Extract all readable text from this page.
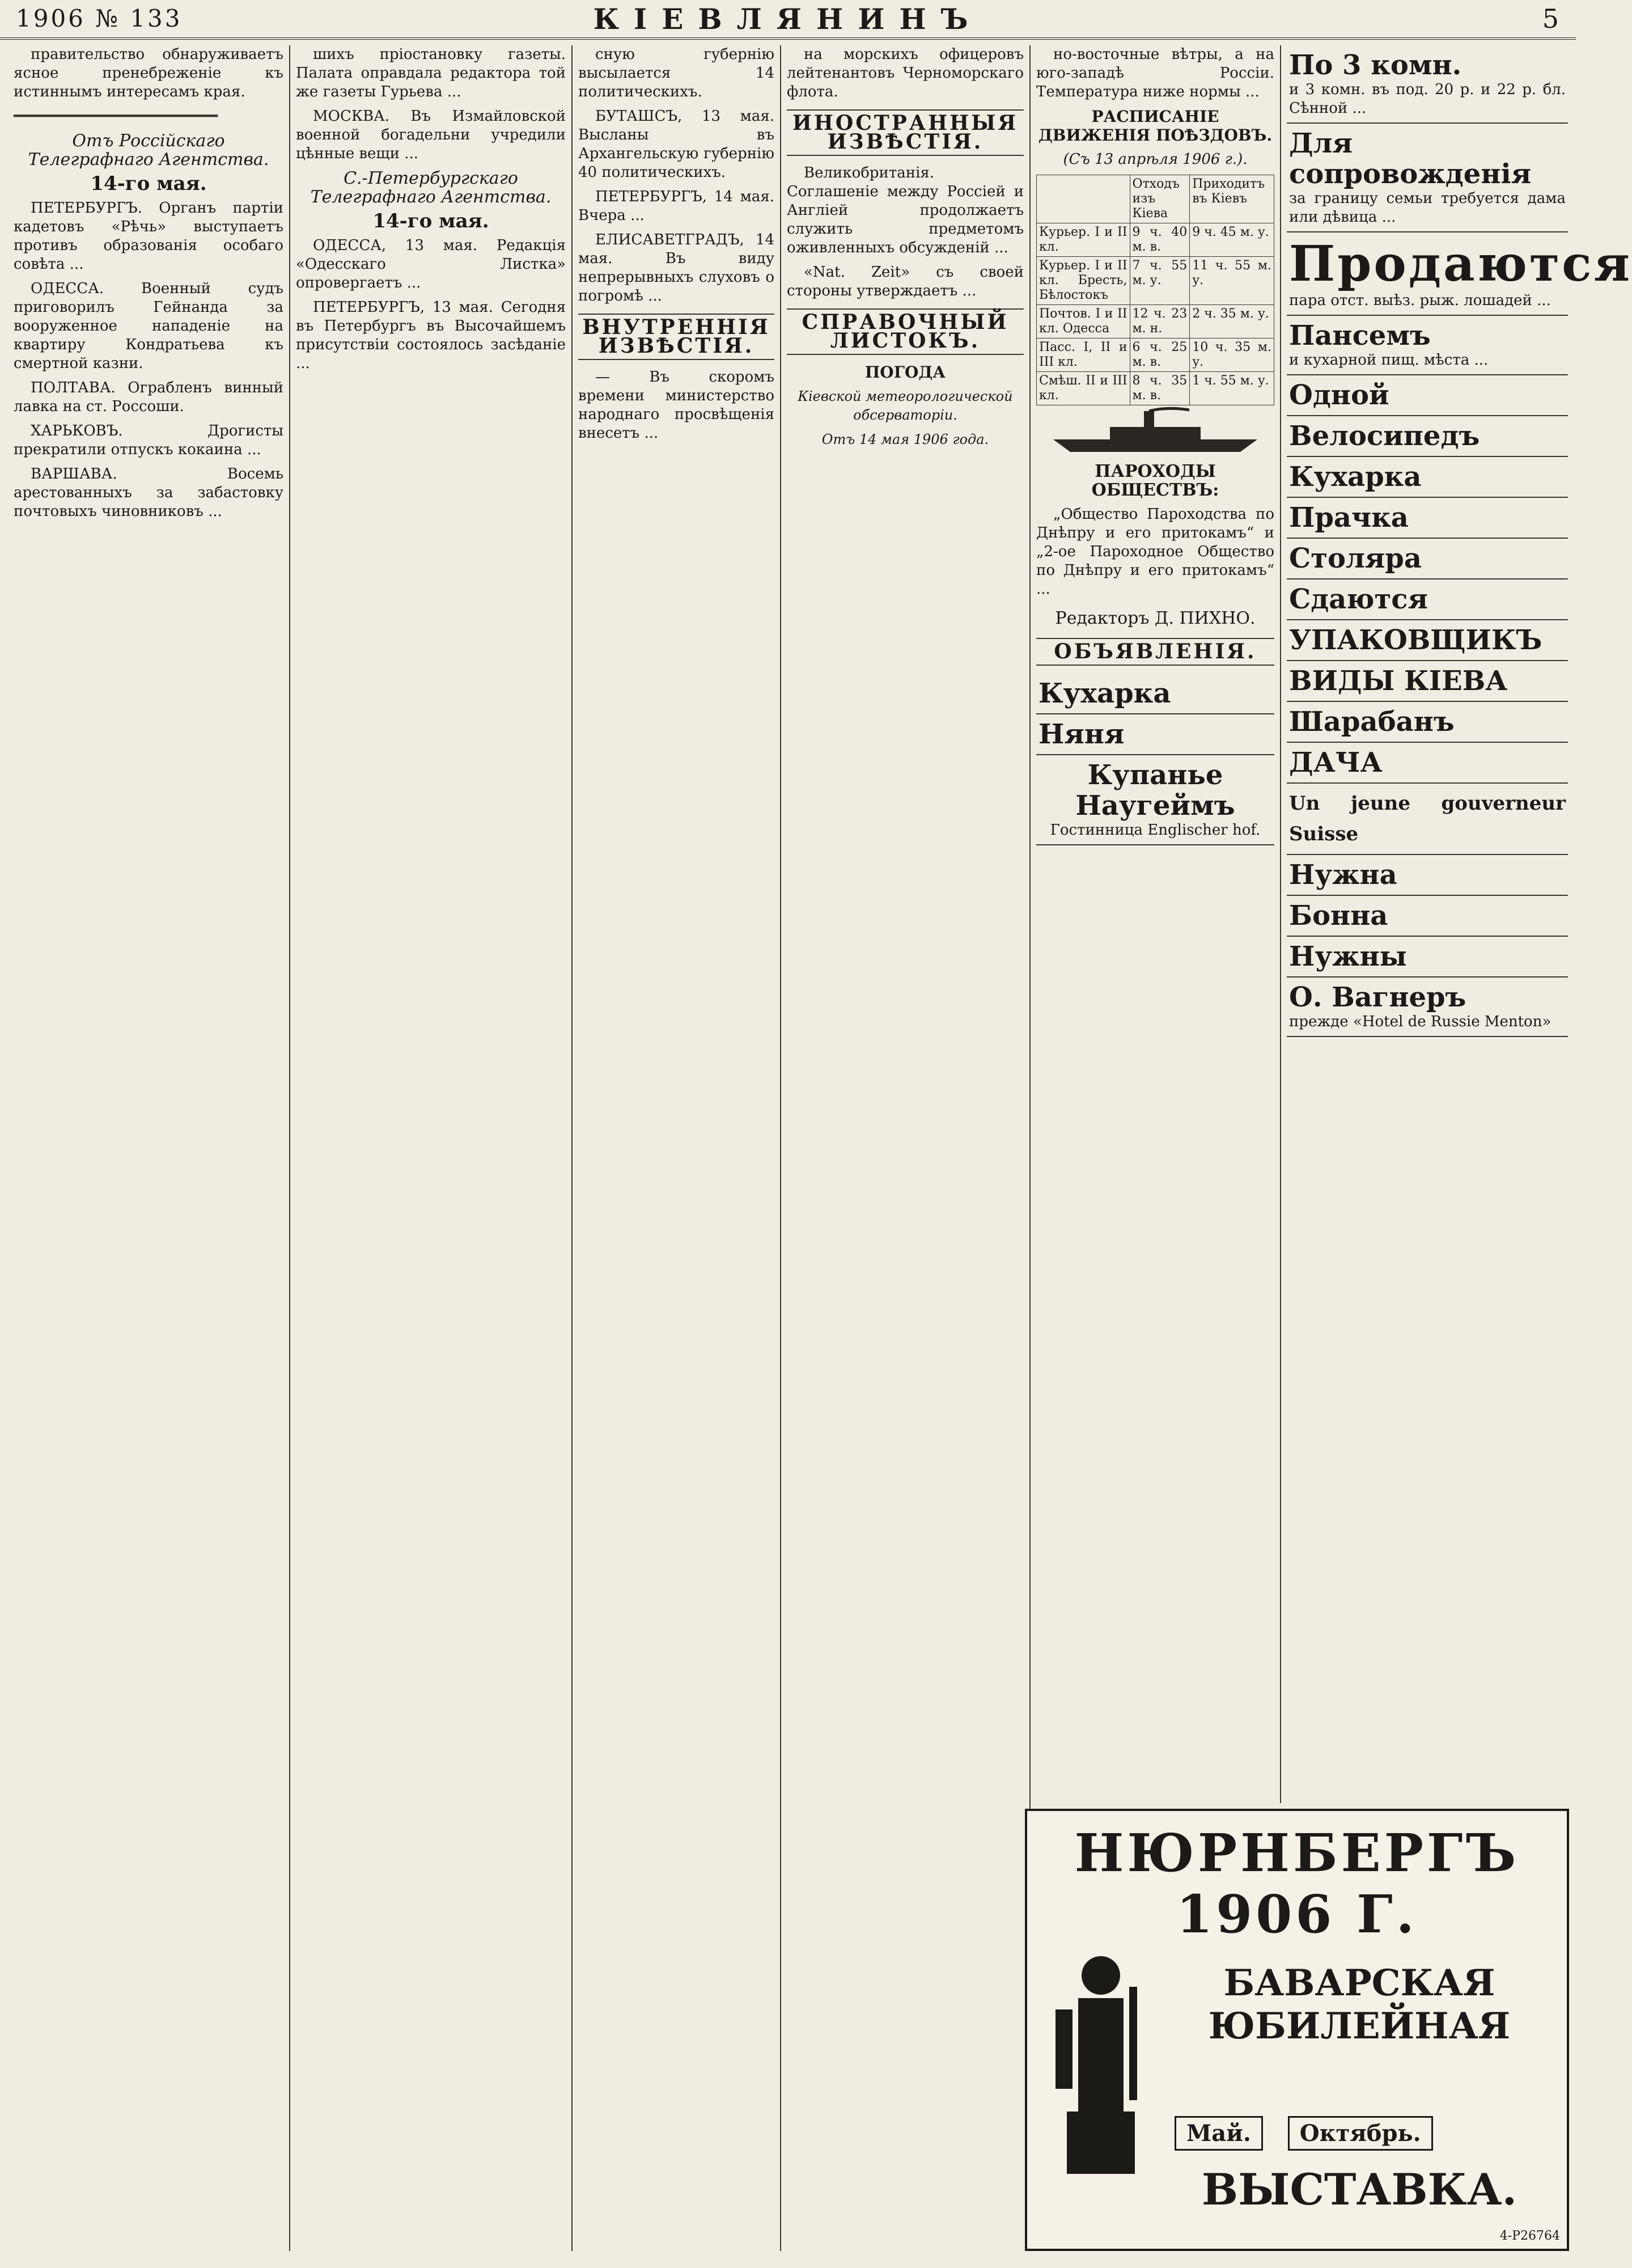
1906 № 133	КІЕВЛЯНИНЪ	5

правительство обнаруживаетъ ясное пренебреженіе къ истиннымъ интересамъ края.

━━━━━━━━━━━━━━━━━━━━━━━
Отъ Россійскаго Телеграфнаго Агентства.
14-го мая.

ПЕТЕРБУРГЪ. Органъ партіи кадетовъ «Рѣчь» выступаетъ противъ образованія особаго совѣта ...

ОДЕССА. Военный судъ приговорилъ Гейнанда за вооруженное нападеніе на квартиру Кондратьева къ смертной казни.

ПОЛТАВА. Ограбленъ винный лавка на ст. Россоши.

ХАРЬКОВЪ. Дрогисты прекратили отпускъ кокаина ...

ВАРШАВА. Восемь арестованныхъ за забастовку почтовыхъ чиновниковъ ...

шихъ пріостановку газеты. Палата оправдала редактора той же газеты Гурьева ...

МОСКВА. Въ Измайловской военной богадельни учредили цѣнные вещи ...

С.-Петербургскаго Телеграфнаго Агентства.
14-го мая.

ОДЕССА, 13 мая. Редакція «Одесскаго Листка» опровергаетъ ...

ПЕТЕРБУРГЪ, 13 мая. Сегодня въ Петербургъ въ Высочайшемъ присутствіи состоялось засѣданіе ...

сную губернію высылается 14 политическихъ.

БУТАШСЪ, 13 мая. Высланы въ Архангельскую губернію 40 политическихъ.

ПЕТЕРБУРГЪ, 14 мая. Вчера ...

ЕЛИСАВЕТГРАДЪ, 14 мая. Въ виду непрерывныхъ слуховъ о погромѣ ...

ВНУТРЕННІЯ ИЗВѢСТІЯ.

— Въ скоромъ времени министерство народнаго просвѣщенія внесетъ ...

на морскихъ офицеровъ лейтенантовъ Черноморскаго флота.

ИНОСТРАННЫЯ ИЗВѢСТІЯ.

Великобританія. Соглашеніе между Россіей и Англіей продолжаетъ служить предметомъ оживленныхъ обсужденій ...

«Nat. Zeit» съ своей стороны утверждаетъ ...

СПРАВОЧНЫЙ ЛИСТОКЪ.
ПОГОДА
Кіевской метеорологической обсерваторіи.
Отъ 14 мая 1906 года.

но-восточные вѣтры, а на юго-западѣ Россіи. Температура ниже нормы ...

РАСПИСАНІЕ ДВИЖЕНІЯ ПОѢЗДОВЪ.
(Съ 13 апрѣля 1906 г.).
	Отходъ изъ Кіева	Приходитъ въ Кіевъ
Курьер. I и II кл.	9 ч. 40 м. в.	9 ч. 45 м. у.
Курьер. I и II кл. Бресть, Бѣлостокъ	7 ч. 55 м. у.	11 ч. 55 м. у.
Почтов. I и II кл. Одесса	12 ч. 23 м. н.	2 ч. 35 м. у.
Пасс. I, II и III кл.	6 ч. 25 м. в.	10 ч. 35 м. у.
Смѣш. II и III кл.	8 ч. 35 м. в.	1 ч. 55 м. у.
ПАРОХОДЫ ОБЩЕСТВЪ:

„Общество Пароходства по Днѣпру и его притокамъ“ и „2-ое Пароходное Общество по Днѣпру и его притокамъ“ ...

Редакторъ Д. ПИХНО.
ОБЪЯВЛЕНІЯ.
Кухарка
Няня
Купанье Наугеймъ
Гостинница Englischer hof.
По 3 комн.
и 3 комн. въ под. 20 р. и 22 р. бл. Сѣнной ...
Для сопровожденія
за границу семьи требуется дама или дѣвица ...
Продаются
пара отст. выѣз. рыж. лошадей ...
Пансемъ
и кухарной пищ. мѣста ...
Одной
Велосипедъ
Кухарка
Прачка
Столяра
Сдаются
УПАКОВЩИКЪ
ВИДЫ КІЕВА
Шарабанъ
ДАЧА
Un jeune gouverneur Suisse
Нужна
Бонна
Нужны
О. Вагнеръ
прежде «Hotel de Russie Menton»
НЮРНБЕРГЪ 1906 Г.
БАВАРСКАЯ ЮБИЛЕЙНАЯ
Май. Октябрь.
ВЫСТАВКА.
4-Р26764
